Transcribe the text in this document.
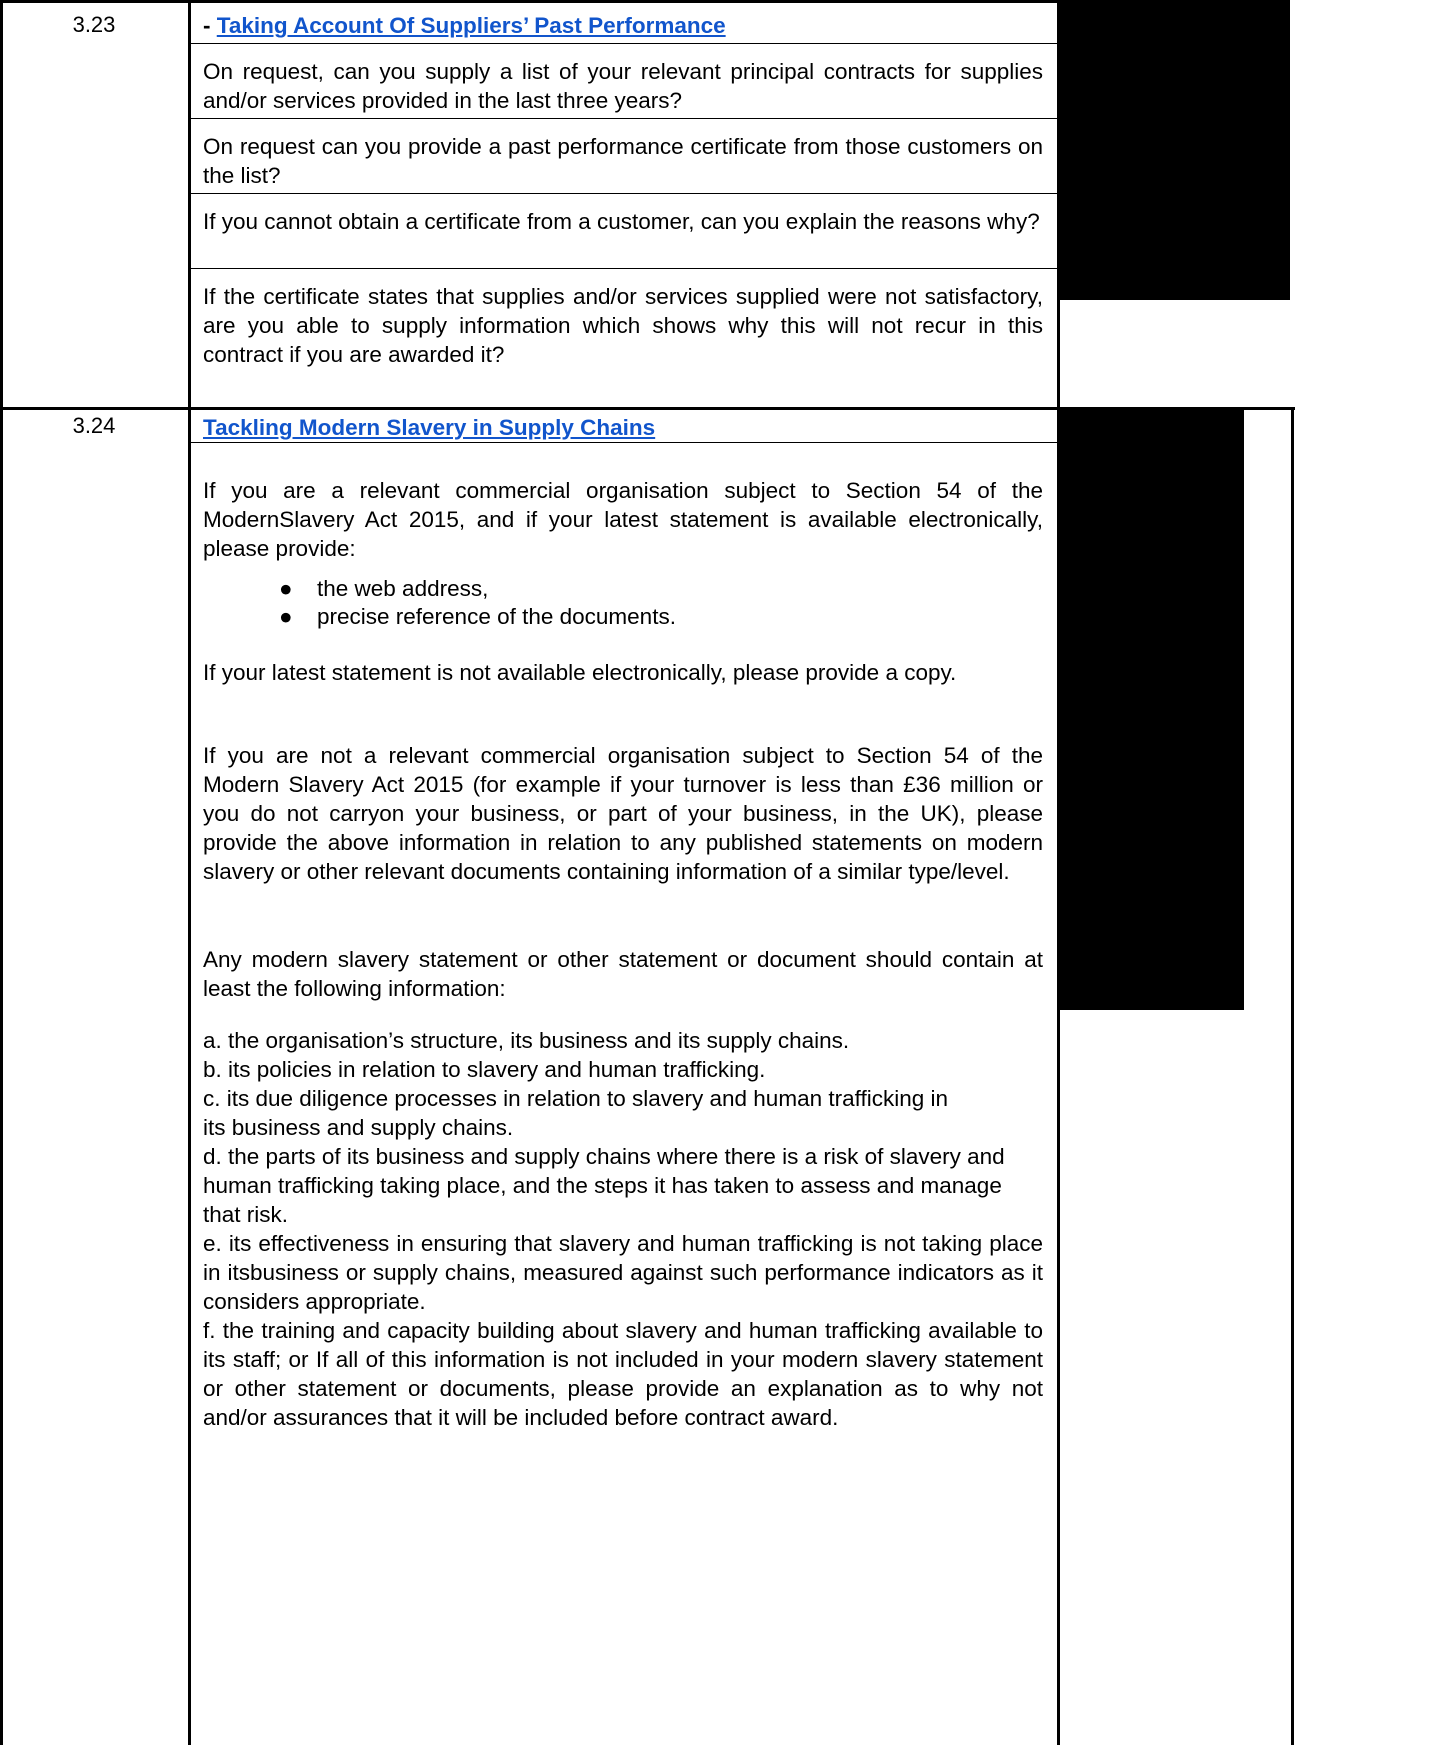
3.23	- Taking Account Of Suppliers’ Past Performance
On request, can you supply a list of your relevant principal contracts for supplies and/or services provided in the last three years?
On request can you provide a past performance certificate from those customers on the list?
If you cannot obtain a certificate from a customer, can you explain the reasons why?
If the certificate states that supplies and/or services supplied were not satisfactory, are you able to supply information which shows why this will not recur in this contract if you are awarded it?
3.24	Tackling Modern Slavery in Supply Chains
If you are a relevant commercial organisation subject to Section 54 of the ModernSlavery Act 2015, and if your latest statement is available electronically, please provide:
● the web address,
● precise reference of the documents.
If your latest statement is not available electronically, please provide a copy.
If you are not a relevant commercial organisation subject to Section 54 of the Modern Slavery Act 2015 (for example if your turnover is less than £36 million or you do not carryon your business, or part of your business, in the UK), please provide the above information in relation to any published statements on modern slavery or other relevant documents containing information of a similar type/level.
Any modern slavery statement or other statement or document should contain at least the following information:
a. the organisation’s structure, its business and its supply chains.
b. its policies in relation to slavery and human trafficking.
c. its due diligence processes in relation to slavery and human trafficking in its business and supply chains.
d. the parts of its business and supply chains where there is a risk of slavery and human trafficking taking place, and the steps it has taken to assess and manage that risk.
e. its effectiveness in ensuring that slavery and human trafficking is not taking place in itsbusiness or supply chains, measured against such performance indicators as it considers appropriate.
f. the training and capacity building about slavery and human trafficking available to its staff; or If all of this information is not included in your modern slavery statement or other statement or documents, please provide an explanation as to why not and/or assurances that it will be included before contract award.
